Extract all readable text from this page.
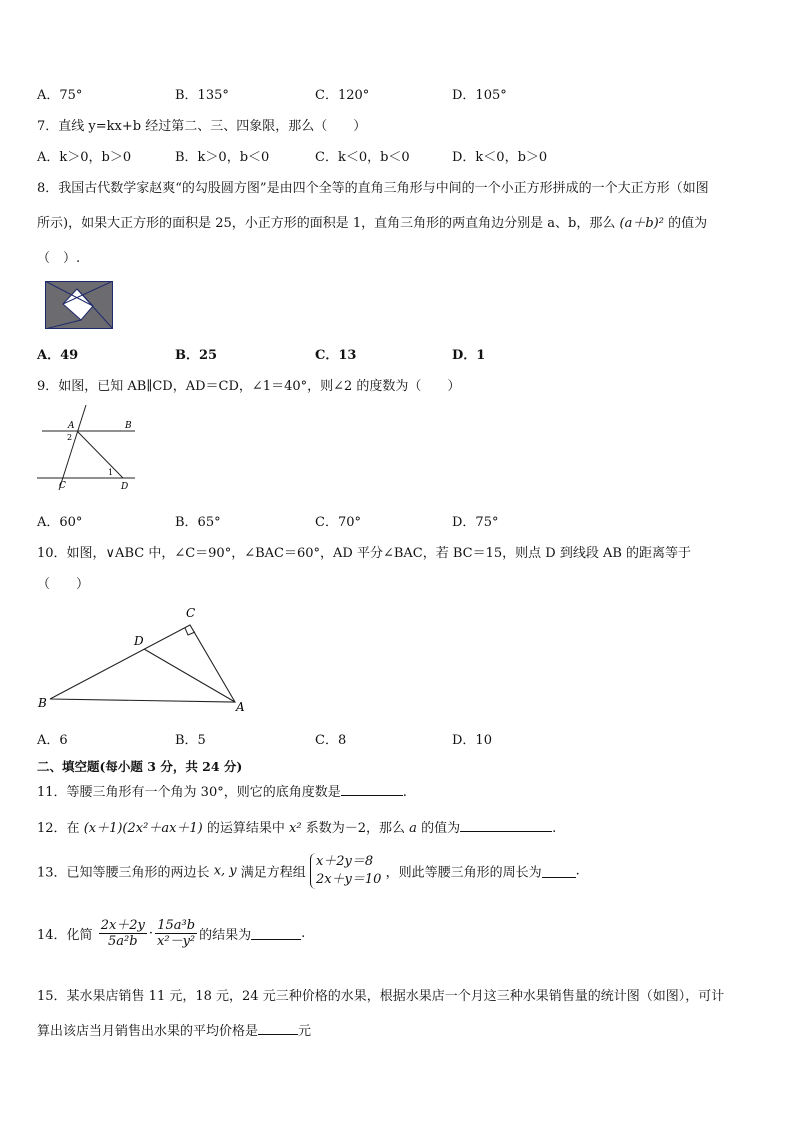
A．75°	B．135°	C．120°	D．105°
7．直线 y=kx+b 经过第二、三、四象限，那么（　　）
A．k＞0，b＞0	B．k＞0，b＜0	C．k＜0，b＜0	D．k＜0，b＞0
8．我国古代数学家赵爽“的勾股圆方图”是由四个全等的直角三角形与中间的一个小正方形拼成的一个大正方形（如图
所示)，如果大正方形的面积是 25，小正方形的面积是 1，直角三角形的两直角边分别是 a、b，那么 (a＋b)² 的值为
（　）.
A．49	B．25	C．13	D．1
9．如图，已知 AB∥CD，AD＝CD，∠1＝40°，则∠2 的度数为（　　）
A	B
C	D
2
1
A．60°	B．65°	C．70°	D．75°
10．如图，∨ABC 中，∠C＝90°，∠BAC＝60°，AD 平分∠BAC，若 BC＝15，则点 D 到线段 AB 的距离等于
（　　）
C
D
B	A
A．6	B．5	C．8	D．10
二、填空题(每小题 3 分，共 24 分)
11．等腰三角形有一个角为 30°，则它的底角度数是	.
12．在 (x＋1)(2x²＋ax＋1) 的运算结果中 x² 系数为－2，那么 a 的值为	.
13．已知等腰三角形的两边长 x, y 满足方程组
x＋2y＝8
2x＋y＝10 ，则此等腰三角形的周长为	.
14．化简 $\frac{2x+2y}{\text{5a²b}} \cdot \frac{\text{15a³b}}{\text{x²－y²}}$ 的结果为	.
15．某水果店销售 11 元，18 元，24 元三种价格的水果，根据水果店一个月这三种水果销售量的统计图（如图），可计
算出该店当月销售出水果的平均价格是	元
